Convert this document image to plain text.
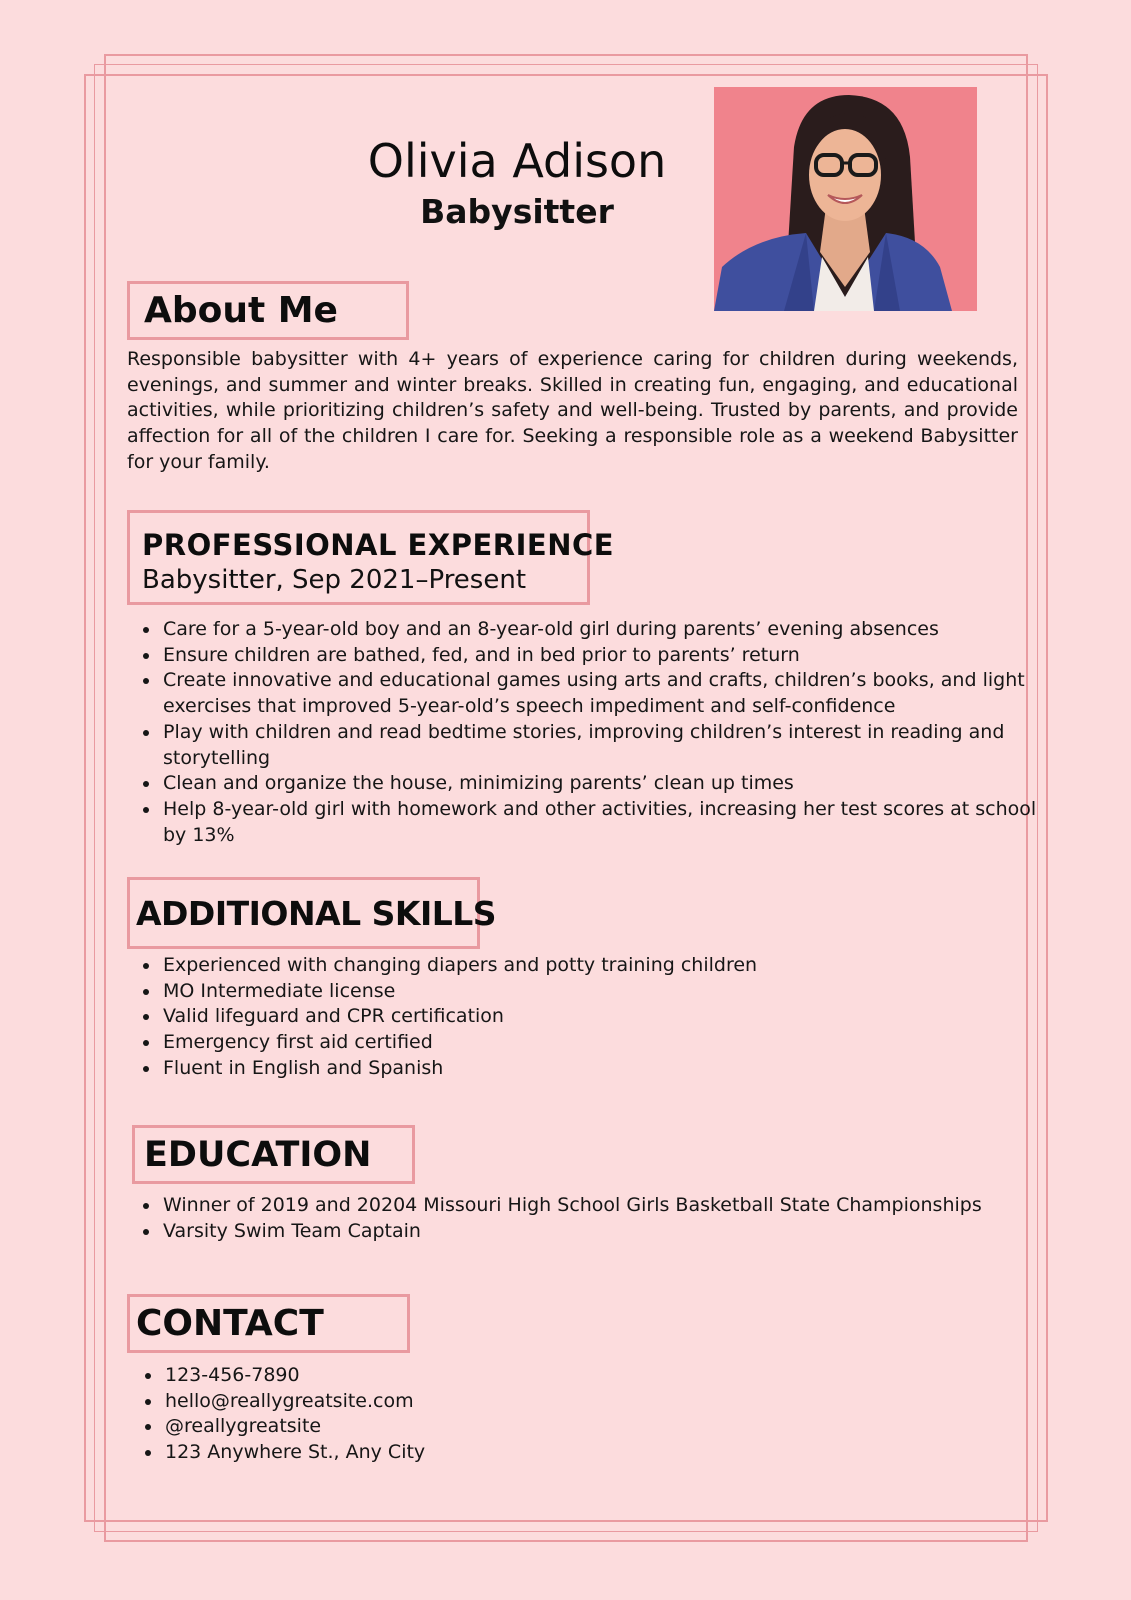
Olivia Adison
Babysitter
About Me

Responsible babysitter with 4+ years of experience caring for children during weekends, evenings, and summer and winter breaks. Skilled in creating fun, engaging, and educational activities, while prioritizing children’s safety and well-being. Trusted by parents, and provide affection for all of the children I care for. Seeking a responsible role as a weekend Babysitter for your family.

PROFESSIONAL EXPERIENCE

Babysitter, Sep 2021–Present

• Care for a 5-year-old boy and an 8-year-old girl during parents’ evening absences
• Ensure children are bathed, fed, and in bed prior to parents’ return
• Create innovative and educational games using arts and crafts, children’s books, and light exercises that improved 5-year-old’s speech impediment and self-confidence
• Play with children and read bedtime stories, improving children’s interest in reading and storytelling
• Clean and organize the house, minimizing parents’ clean up times
• Help 8-year-old girl with homework and other activities, increasing her test scores at school by 13%
ADDITIONAL SKILLS
• Experienced with changing diapers and potty training children
• MO Intermediate license
• Valid lifeguard and CPR certification
• Emergency first aid certified
• Fluent in English and Spanish
EDUCATION
• Winner of 2019 and 20204 Missouri High School Girls Basketball State Championships
• Varsity Swim Team Captain
CONTACT
• 123-456-7890
• hello@reallygreatsite.com
• @reallygreatsite
• 123 Anywhere St., Any City
